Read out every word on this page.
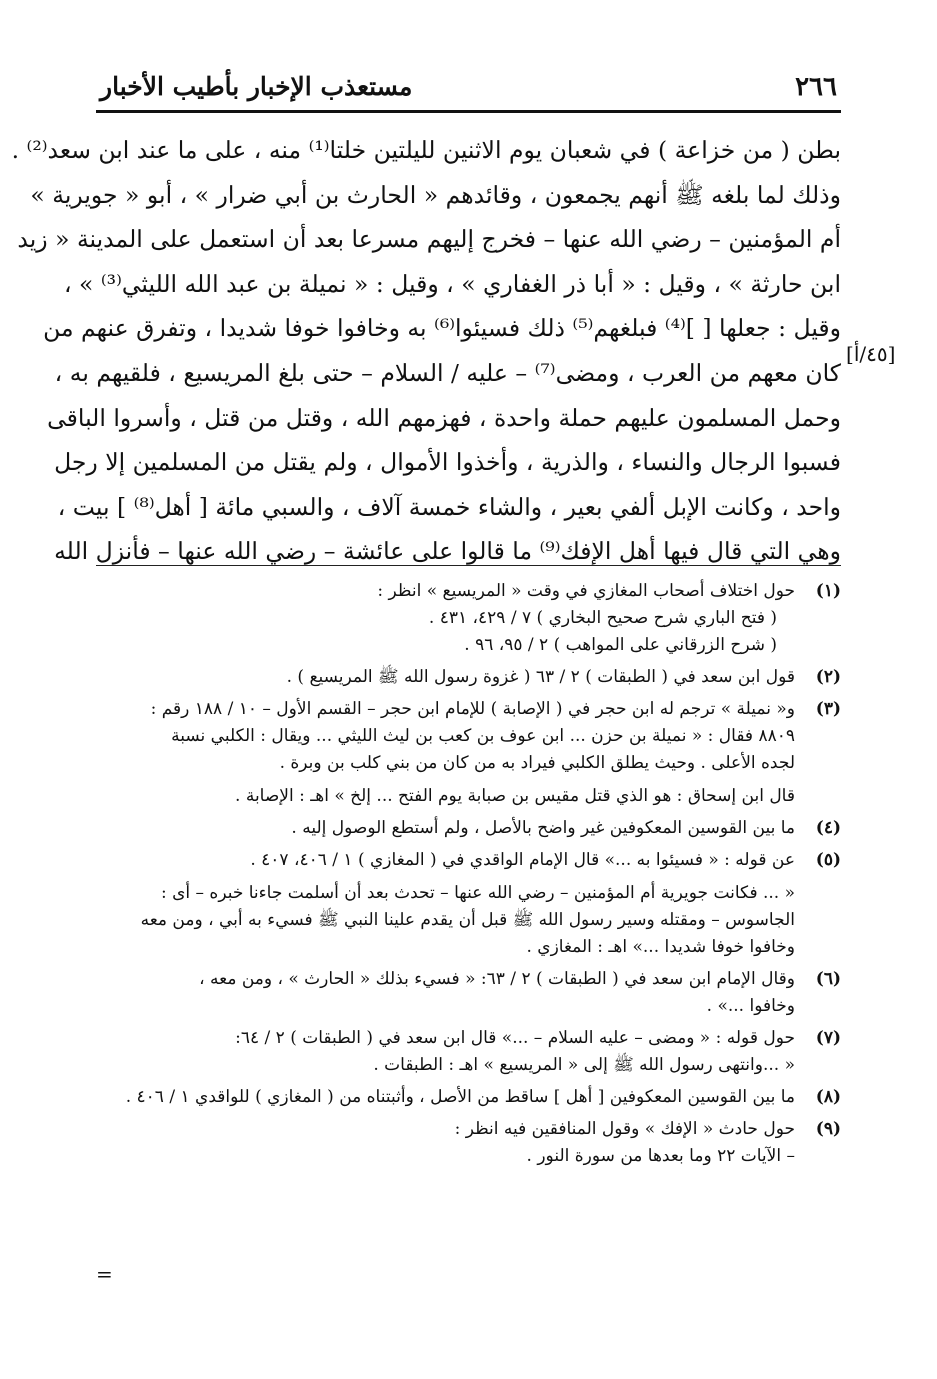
٢٦٦
مستعذب الإخبار بأطيب الأخبار
بطن ( من خزاعة ) في شعبان يوم الاثنين لليلتين خلتا⁽¹⁾ منه ، على ما عند ابن سعد⁽²⁾ .
وذلك لما بلغه ﷺ أنهم يجمعون ، وقائدهم « الحارث بن أبي ضرار » ، أبو « جويرية »
أم المؤمنين – رضي الله عنها – فخرج إليهم مسرعا بعد أن استعمل على المدينة « زيد
ابن حارثة » ، وقيل : « أبا ذر الغفاري » ، وقيل : « نميلة بن عبد الله الليثي⁽³⁾ » ،
وقيل : جعلها [ ]⁽⁴⁾ فبلغهم⁽⁵⁾ ذلك فسيئوا⁽⁶⁾ به وخافوا خوفا شديدا ، وتفرق عنهم من
كان معهم من العرب ، ومضى⁽⁷⁾ – عليه / السلام – حتى بلغ المريسيع ، فلقيهم به ،
وحمل المسلمون عليهم حملة واحدة ، فهزمهم الله ، وقتل من قتل ، وأسروا الباقى
فسبوا الرجال والنساء ، والذرية ، وأخذوا الأموال ، ولم يقتل من المسلمين إلا رجل
واحد ، وكانت الإبل ألفي بعير ، والشاء خمسة آلاف ، والسبي مائة [ أهل⁽⁸⁾ ] بيت ،
وهي التي قال فيها أهل الإفك⁽⁹⁾ ما قالوا على عائشة – رضي الله عنها – فأنزل الله
[٤٥/أ]
(١)
حول اختلاف أصحاب المغازي في وقت « المريسيع » انظر :
( فتح الباري شرح صحيح البخاري ) ٧ / ٤٢٩، ٤٣١ .
( شرح الزرقاني على المواهب ) ٢ / ٩٥، ٩٦ .
(٢)
قول ابن سعد في ( الطبقات ) ٢ / ٦٣ ( غزوة رسول الله ﷺ المريسيع ) .
(٣)
و« نميلة » ترجم له ابن حجر في ( الإصابة ) للإمام ابن حجر – القسم الأول – ١٠ / ١٨٨ رقم :
٨٨٠٩ فقال : « نميلة بن حزن ... ابن عوف بن كعب بن ليث الليثي ... ويقال : الكلبي نسبة
لجده الأعلى . وحيث يطلق الكلبي فيراد به من كان من بني كلب بن وبرة .
قال ابن إسحاق : هو الذي قتل مقيس بن صبابة يوم الفتح ... إلخ » اهـ : الإصابة .
(٤)
ما بين القوسين المعكوفين غير واضح بالأصل ، ولم أستطع الوصول إليه .
(٥)
عن قوله : « فسيئوا به ...» قال الإمام الواقدي في ( المغازي ) ١ / ٤٠٦، ٤٠٧ .
« ... فكانت جويرية أم المؤمنين – رضي الله عنها – تحدث بعد أن أسلمت جاءنا خبره – أى :
الجاسوس – ومقتله وسير رسول الله ﷺ قبل أن يقدم علينا النبي ﷺ فسيء به أبي ، ومن معه
وخافوا خوفا شديدا ...» اهـ : المغازي .
(٦)
وقال الإمام ابن سعد في ( الطبقات ) ٢ / ٦٣: « فسيء بذلك « الحارث » ، ومن معه ،
وخافوا ...» .
(٧)
حول قوله : « ومضى – عليه السلام – ...» قال ابن سعد في ( الطبقات ) ٢ / ٦٤:
« ...وانتهى رسول الله ﷺ إلى « المريسيع » اهـ : الطبقات .
(٨)
ما بين القوسين المعكوفين [ أهل ] ساقط من الأصل ، وأثبتناه من ( المغازي ) للواقدي ١ / ٤٠٦ .
(٩)
حول حادث « الإفك » وقول المنافقين فيه انظر :
– الآيات ٢٢ وما بعدها من سورة النور .
=
